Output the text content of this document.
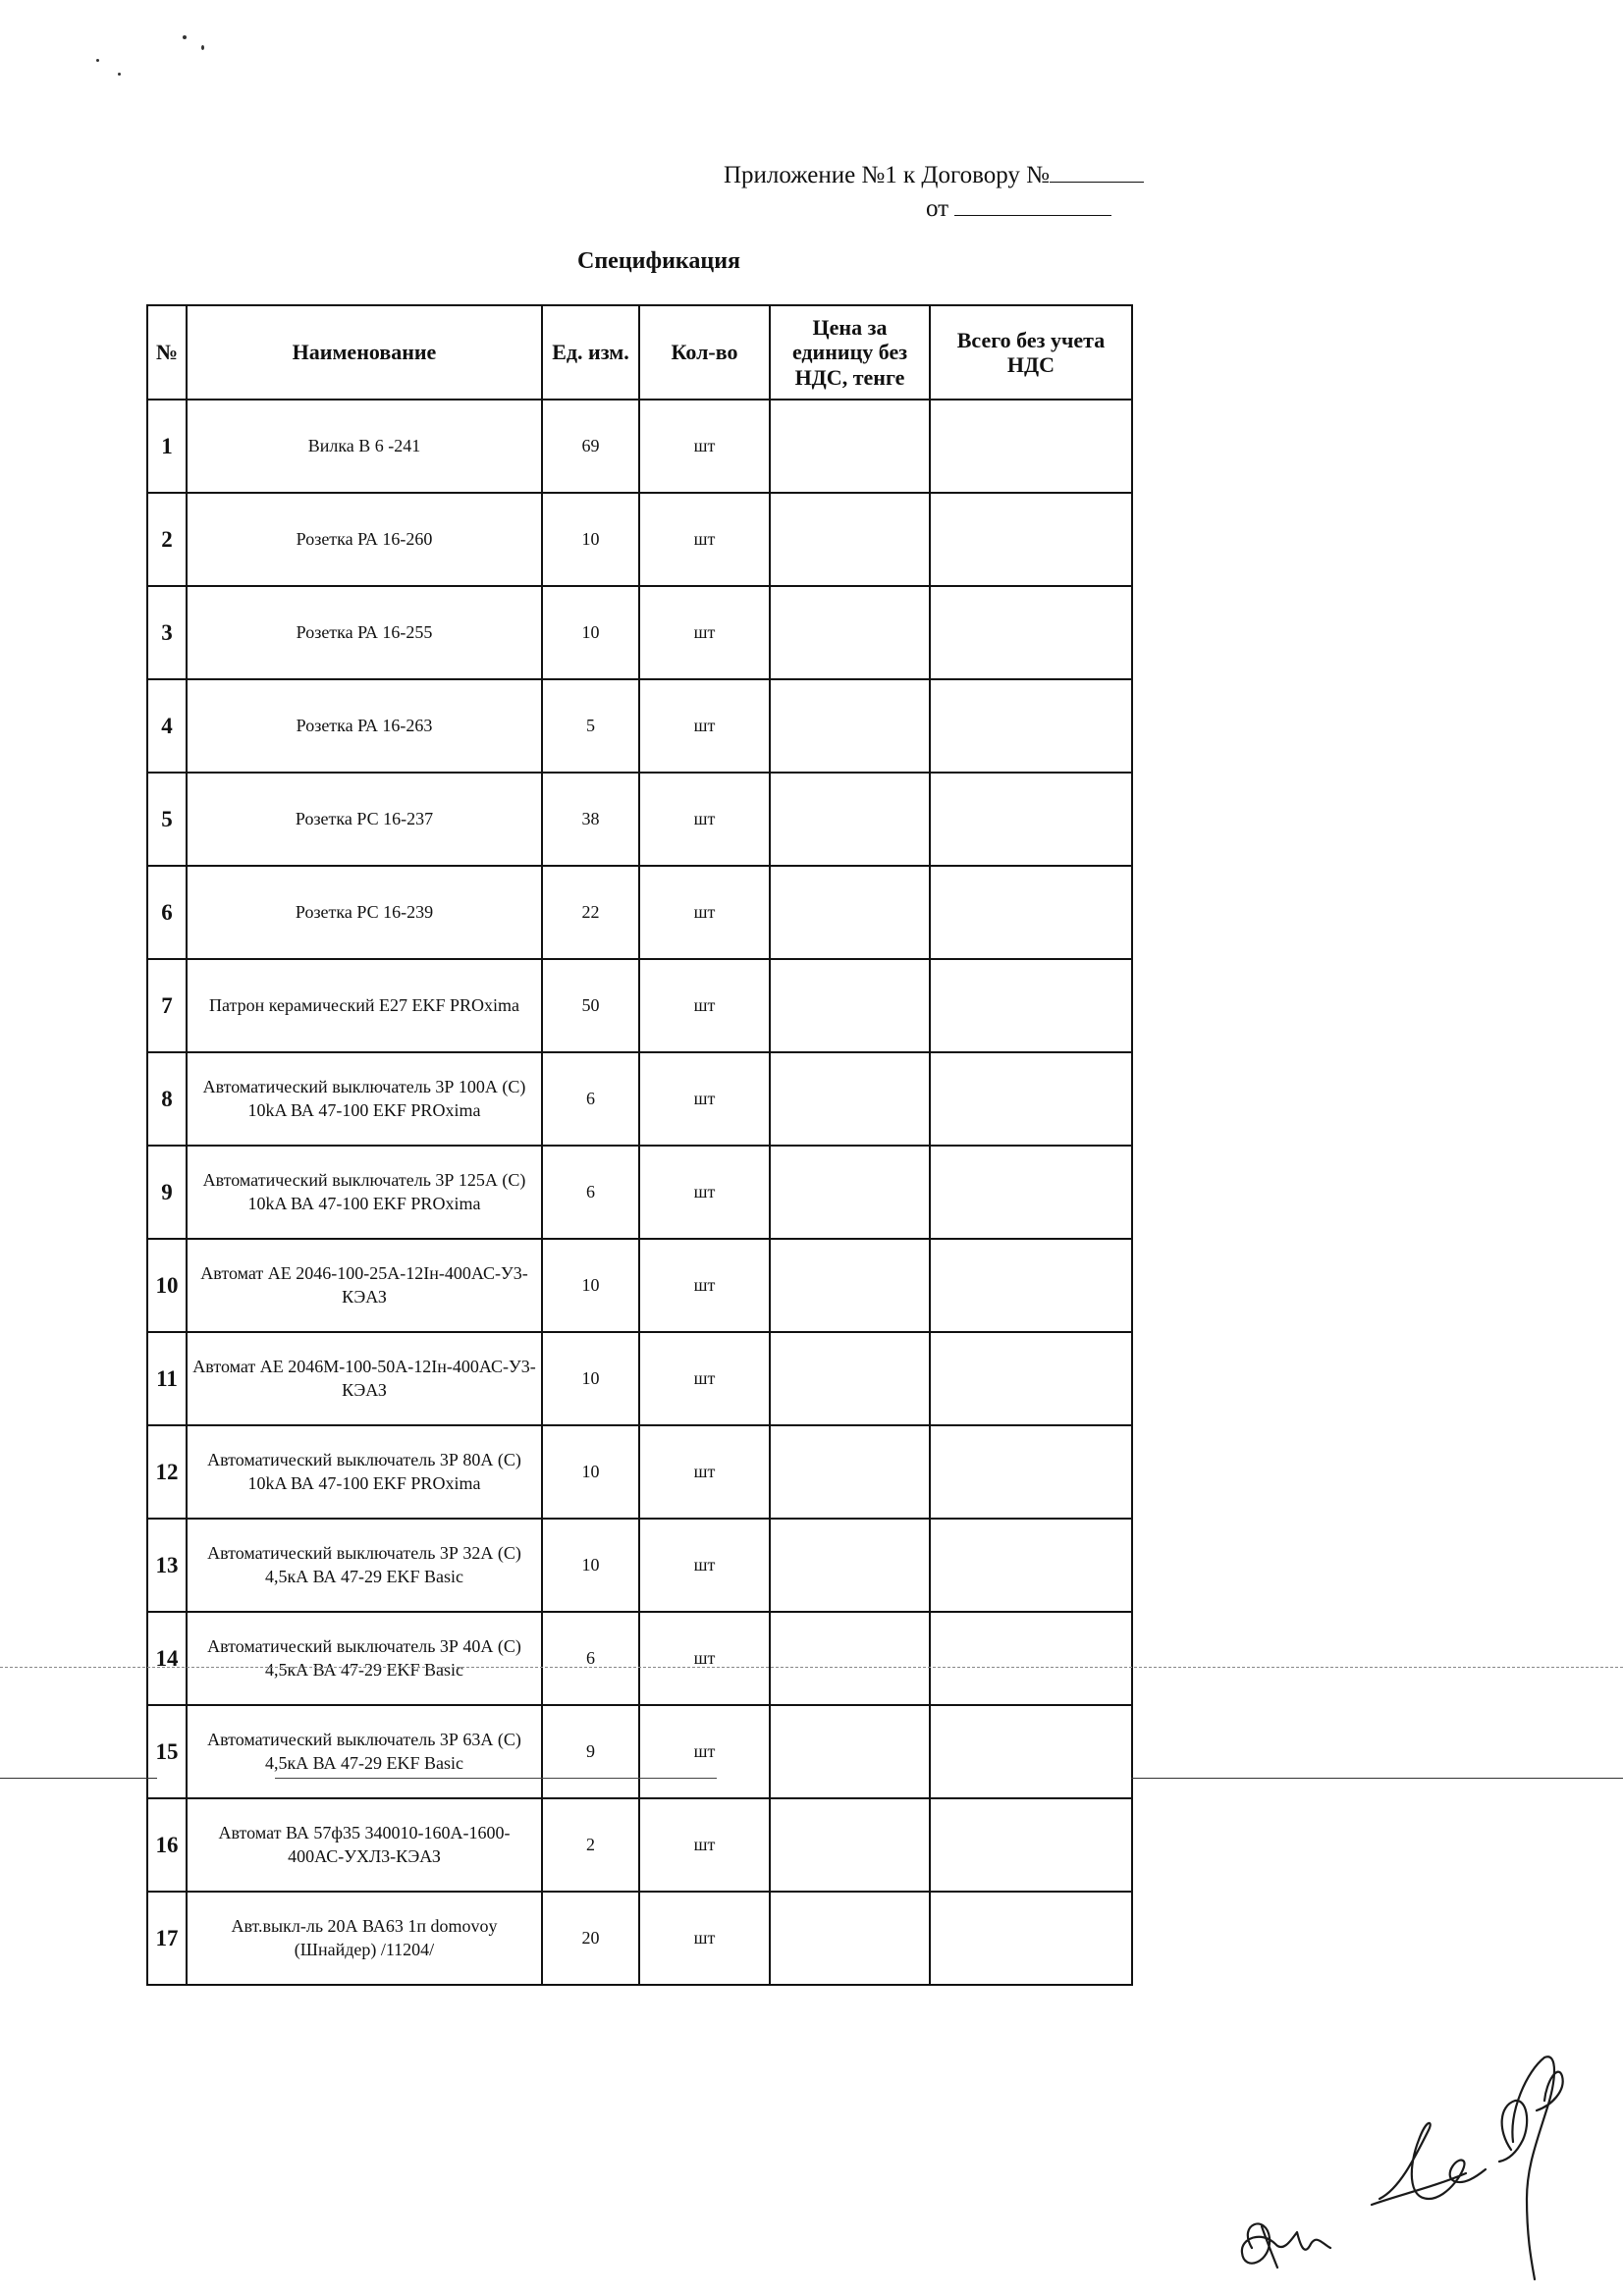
Приложение №1 к Договору №
от
Спецификация
№	Наименование	Ед. изм.	Кол-во	Цена за единицу без НДС, тенге	Всего без учета НДС
1	Вилка В 6 -241	69	шт		
2	Розетка РА 16-260	10	шт		
3	Розетка РА 16-255	10	шт		
4	Розетка РА 16-263	5	шт		
5	Розетка РС 16-237	38	шт		
6	Розетка РС 16-239	22	шт		
7	Патрон керамический Е27 EKF PROxima	50	шт		
8	Автоматический выключатель 3Р 100А (С) 10kA ВА 47-100 EKF PROxima	6	шт		
9	Автоматический выключатель 3Р 125А (С) 10kA ВА 47-100 EKF PROxima	6	шт		
10	Автомат АЕ 2046-100-25А-12Iн-400АС-У3-КЭАЗ	10	шт		
11	Автомат АЕ 2046М-100-50А-12Iн-400АС-У3-КЭАЗ	10	шт		
12	Автоматический выключатель 3Р 80А (С) 10kA ВА 47-100 EKF PROxima	10	шт		
13	Автоматический выключатель 3Р 32А (С) 4,5кА ВА 47-29 EKF Basic	10	шт		
14	Автоматический выключатель 3Р 40А (С) 4,5кА ВА 47-29 EKF Basic	6	шт		
15	Автоматический выключатель 3Р 63А (С) 4,5кА ВА 47-29 EKF Basic	9	шт		
16	Автомат ВА 57ф35 340010-160А-1600-400АС-УХЛ3-КЭАЗ	2	шт		
17	Авт.выкл-ль 20А ВА63 1п domovoy (Шнайдер) /11204/	20	шт		
